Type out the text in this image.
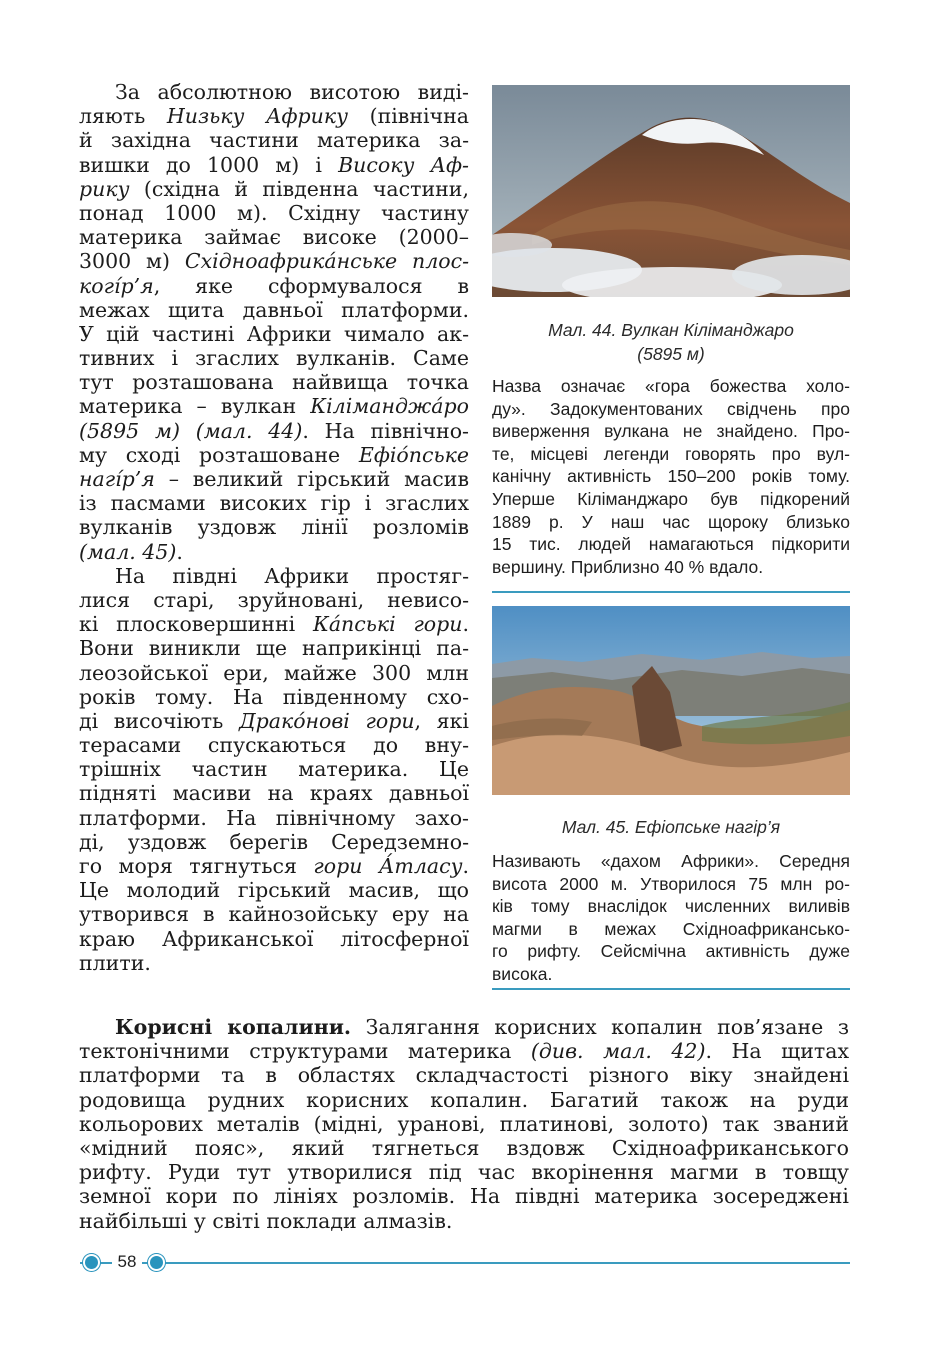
За абсолютною висотою виді-
ляють Низьку Африку (північна
й західна частини материка за-
вишки до 1000 м) і Високу Аф-
рику (східна й південна частини,
понад 1000 м). Східну частину
материка займає високе (2000–
3000 м) Східноафрика́нське плос-
когі́р’я, яке сформувалося в
межах щита давньої платформи.
У цій частині Африки чимало ак-
тивних і згаслих вулканів. Саме
тут розташована найвища точка
материка – вулкан Кіліманджа́ро
(5895 м) (мал. 44). На північно-
му сході розташоване Ефіо́пське
нагі́р’я – великий гірський масив
із пасмами високих гір і згаслих
вулканів уздовж лінії розломів
(мал. 45).
На півдні Африки простяг-
лися старі, зруйновані, невисо-
кі плосковершинні Ка́пські гори.
Вони виникли ще наприкінці па-
леозойської ери, майже 300 млн
років тому. На південному схо-
ді височіють Драко́нові гори, які
терасами спускаються до вну-
трішніх частин материка. Це
підняті масиви на краях давньої
платформи. На північному захо-
ді, уздовж берегів Середземно-
го моря тягнуться гори А́тласу.
Це молодий гірський масив, що
утворився в кайнозойську еру на
краю Африканської літосферної
плити.
Мал. 44. Вулкан Кіліманджаро
(5895 м)
Назва означає «гора божества холо-
ду». Задокументованих свідчень про
виверження вулкана не знайдено. Про-
те, місцеві легенди говорять про вул-
канічну активність 150–200 років тому.
Уперше Кіліманджаро був підкорений
1889 р. У наш час щороку близько
15 тис. людей намагаються підкорити
вершину. Приблизно 40 % вдало.
Мал. 45. Ефіопське нагір’я
Називають «дахом Африки». Середня
висота 2000 м. Утворилося 75 млн ро-
ків тому внаслідок численних виливів
магми в межах Східноафрикансько-
го рифту. Сейсмічна активність дуже
висока.
Корисні копалини. Залягання корисних копалин пов’язане з
тектонічними структурами материка (див. мал. 42). На щитах
платформи та в областях складчастості різного віку знайдені
родовища рудних корисних копалин. Багатий також на руди
кольорових металів (мідні, уранові, платинові, золото) так званий
«мідний пояс», який тягнеться вздовж Східноафриканського
рифту. Руди тут утворилися під час вкорінення магми в товщу
земної кори по лініях розломів. На півдні материка зосереджені
найбільші у світі поклади алмазів.
58
